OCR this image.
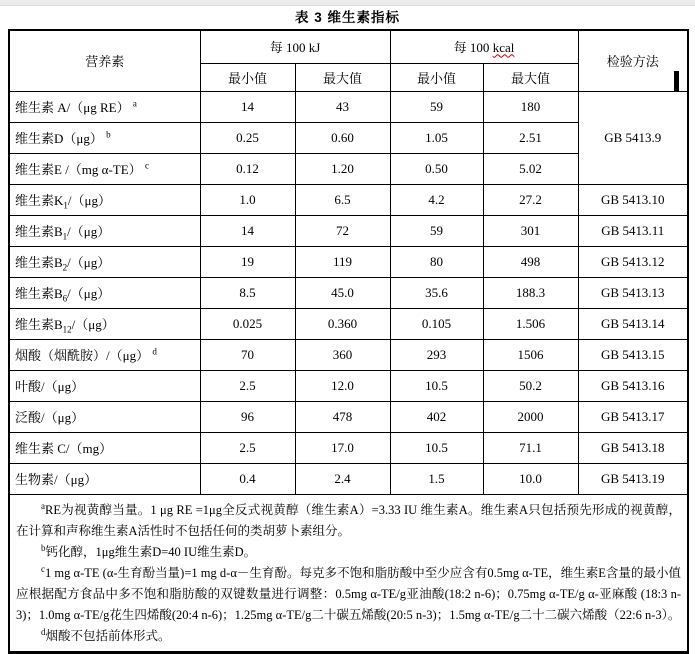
表 3 维生素指标
营养素	每 100 kJ		每 100 kcal		检验方法
	最小值	最大值	最小值	最大值	
维生素 A/（μg RE） $^a$	14	43	59	180	GB 5413.9
维生素D（μg） $^b$	0.25	0.60	1.05	2.51	
维生素E /（mg α-TE） $^c$	0.12	1.20	0.50	5.02	
维生素$K_1/(\mu g)$	1.0	6.5	4.2	27.2	GB 5413.10
维生素$B_1/(\mu g)$	14	72	59	301	GB 5413.11
维生素$B_2/(\mu g)$	19	119	80	498	GB 5413.12
维生素$B_6/(\mu g)$	8.5	45.0	35.6	188.3	GB 5413.13
维生素$B_{12}/(\mu g)$	0.025	0.360	0.105	1.506	GB 5413.14
烟酸（烟酰胺）/（μg） $^d$	70	360	293	1506	GB 5413.15
叶酸/（μg）	2.5	12.0	10.5	50.2	GB 5413.16
泛酸/（μg）	96	478	402	2000	GB 5413.17
维生素 C/（mg）	2.5	17.0	10.5	71.1	GB 5413.18
生物素/（μg）	0.4	2.4	1.5	10.0	GB 5413.19

$^a$RE为视黄醇当量。1 μg RE =1μg全反式视黄醇（维生素A）=3.33 IU 维生素A。维生素A只包括预先形成的视黄醇，在计算和声称维生素A活性时不包括任何的类胡萝卜素组分。
$^b$钙化醇，1μg维生素D=40 IU维生素D。
$^c$1 mg α-TE (α-生育酚当量)=1 mg d-α－生育酚。每克多不饱和脂肪酸中至少应含有0.5mg α-TE，维生素E含量的最小值应根据配方食品中多不饱和脂肪酸的双键数量进行调整：0.5mg α-TE/g亚油酸(18:2 n-6)；0.75mg α-TE/g α-亚麻酸 (18:3 n-3)；1.0mg α-TE/g花生四烯酸(20:4 n-6)；1.25mg α-TE/g二十碳五烯酸(20:5 n-3)；1.5mg α-TE/g二十二碳六烯酸（22:6 n-3）。
$^d$烟酸不包括前体形式。					
